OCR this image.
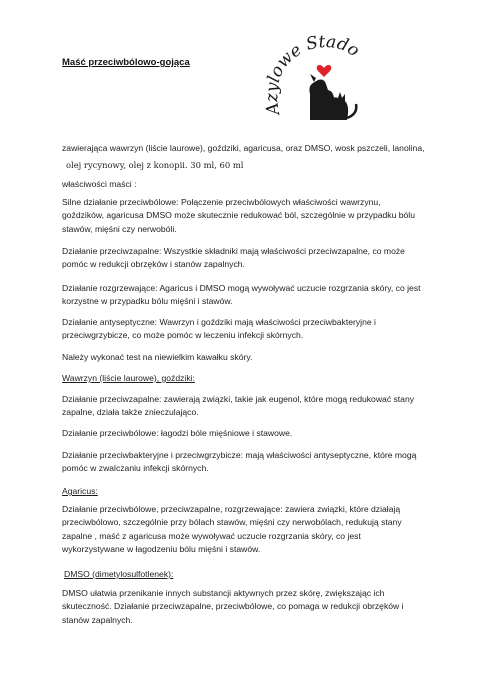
Maść przeciwbólowo-gojąca
Azylowe Stado
zawierająca wawrzyn (liście laurowe), goździki, agaricusa, oraz DMSO, wosk pszczeli, lanolina,
olej rycynowy, olej z konopii. 30 ml, 60 ml
właściwości maści :
Silne działanie przeciwbólowe: Połączenie przeciwbólowych właściwości wawrzynu,
goździków, agaricusa DMSO może skutecznie redukować ból, szczególnie w przypadku bólu
stawów, mięśni czy nerwobóli.
Działanie przeciwzapalne: Wszystkie składniki mają właściwości przeciwzapalne, co może
pomóc w redukcji obrzęków i stanów zapalnych.
Działanie rozgrzewające: Agaricus i DMSO mogą wywoływać uczucie rozgrzania skóry, co jest
korzystne w przypadku bólu mięśni i stawów.
Działanie antyseptyczne: Wawrzyn i goździki mają właściwości przeciwbakteryjne i
przeciwgrzybicze, co może pomóc w leczeniu infekcji skórnych.
Należy wykonać test na niewielkim kawałku skóry.
Wawrzyn (liście laurowe), goździki:
Działanie przeciwzapalne: zawierają związki, takie jak eugenol, które mogą redukować stany
zapalne, działa także znieczulająco.
Działanie przeciwbólowe: łagodzi bóle mięśniowe i stawowe.
Działanie przeciwbakteryjne i przeciwgrzybicze: mają właściwości antyseptyczne, które mogą
pomóc w zwalczaniu infekcji skórnych.
Agaricus:
Działanie przeciwbólowe, przeciwzapalne, rozgrzewające: zawiera związki, które działają
przeciwbólowo, szczególnie przy bólach stawów, mięśni czy nerwobólach, redukują stany
zapalne , maść z agaricusa może wywoływać uczucie rozgrzania skóry, co jest
wykorzystywane w łagodzeniu bólu mięśni i stawów.
DMSO (dimetylosulfotlenek):
DMSO ułatwia przenikanie innych substancji aktywnych przez skórę, zwiększając ich
skuteczność. Działanie przeciwzapalne, przeciwbólowe, co pomaga w redukcji obrzęków i
stanów zapalnych.
